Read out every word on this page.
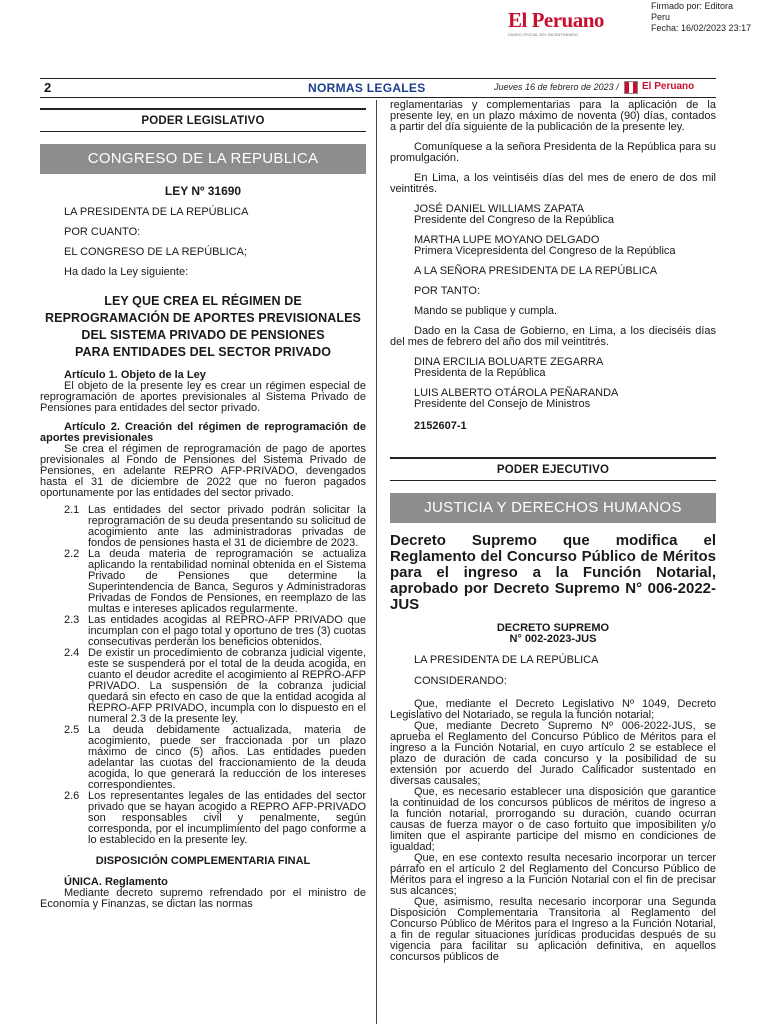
El Peruano
DIARIO OFICIAL DEL BICENTENARIO
Firmado por: Editora
Peru
Fecha: 16/02/2023 23:17
2	NORMAS LEGALES	Jueves 16 de febrero de 2023 / El Peruano
PODER LEGISLATIVO
CONGRESO DE LA REPUBLICA
LEY Nº 31690

LA PRESIDENTA DE LA REPÚBLICA

POR CUANTO:

EL CONGRESO DE LA REPÚBLICA;

Ha dado la Ley siguiente:

LEY QUE CREA EL RÉGIMEN DE
REPROGRAMACIÓN DE APORTES PREVISIONALES
DEL SISTEMA PRIVADO DE PENSIONES
PARA ENTIDADES DEL SECTOR PRIVADO

Artículo 1. Objeto de la Ley

El objeto de la presente ley es crear un régimen especial de reprogramación de aportes previsionales al Sistema Privado de Pensiones para entidades del sector privado.

Artículo 2. Creación del régimen de reprogramación de aportes previsionales

Se crea el régimen de reprogramación de pago de aportes previsionales al Fondo de Pensiones del Sistema Privado de Pensiones, en adelante REPRO AFP-PRIVADO, devengados hasta el 31 de diciembre de 2022 que no fueron pagados oportunamente por las entidades del sector privado.

2.1 Las entidades del sector privado podrán solicitar la reprogramación de su deuda presentando su solicitud de acogimiento ante las administradoras privadas de fondos de pensiones hasta el 31 de diciembre de 2023.
2.2 La deuda materia de reprogramación se actualiza aplicando la rentabilidad nominal obtenida en el Sistema Privado de Pensiones que determine la Superintendencia de Banca, Seguros y Administradoras Privadas de Fondos de Pensiones, en reemplazo de las multas e intereses aplicados regularmente.
2.3 Las entidades acogidas al REPRO-AFP PRIVADO que incumplan con el pago total y oportuno de tres (3) cuotas consecutivas perderán los beneficios obtenidos.
2.4 De existir un procedimiento de cobranza judicial vigente, este se suspenderá por el total de la deuda acogida, en cuanto el deudor acredite el acogimiento al REPRO-AFP PRIVADO. La suspensión de la cobranza judicial quedará sin efecto en caso de que la entidad acogida al REPRO-AFP PRIVADO, incumpla con lo dispuesto en el numeral 2.3 de la presente ley.
2.5 La deuda debidamente actualizada, materia de acogimiento, puede ser fraccionada por un plazo máximo de cinco (5) años. Las entidades pueden adelantar las cuotas del fraccionamiento de la deuda acogida, lo que generará la reducción de los intereses correspondientes.
2.6 Los representantes legales de las entidades del sector privado que se hayan acogido a REPRO AFP-PRIVADO son responsables civil y penalmente, según corresponda, por el incumplimiento del pago conforme a lo establecido en la presente ley.
DISPOSICIÓN COMPLEMENTARIA FINAL

ÚNICA. Reglamento

Mediante decreto supremo refrendado por el ministro de Economía y Finanzas, se dictan las normas

reglamentarias y complementarias para la aplicación de la presente ley, en un plazo máximo de noventa (90) días, contados a partir del día siguiente de la publicación de la presente ley.

Comuníquese a la señora Presidenta de la República para su promulgación.

En Lima, a los veintiséis días del mes de enero de dos mil veintitrés.

JOSÉ DANIEL WILLIAMS ZAPATA

Presidente del Congreso de la República

MARTHA LUPE MOYANO DELGADO

Primera Vicepresidenta del Congreso de la República

A LA SEÑORA PRESIDENTA DE LA REPÚBLICA

POR TANTO:

Mando se publique y cumpla.

Dado en la Casa de Gobierno, en Lima, a los dieciséis días del mes de febrero del año dos mil veintitrés.

DINA ERCILIA BOLUARTE ZEGARRA

Presidenta de la República

LUIS ALBERTO OTÁROLA PEÑARANDA

Presidente del Consejo de Ministros

2152607-1

PODER EJECUTIVO
JUSTICIA Y DERECHOS HUMANOS

Decreto Supremo que modifica el Reglamento del Concurso Público de Méritos para el ingreso a la Función Notarial, aprobado por Decreto Supremo N° 006-2022-JUS

DECRETO SUPREMO
N° 002-2023-JUS

LA PRESIDENTA DE LA REPÚBLICA

CONSIDERANDO:

Que, mediante el Decreto Legislativo Nº 1049, Decreto Legislativo del Notariado, se regula la función notarial;

Que, mediante Decreto Supremo Nº 006-2022-JUS, se aprueba el Reglamento del Concurso Público de Méritos para el ingreso a la Función Notarial, en cuyo artículo 2 se establece el plazo de duración de cada concurso y la posibilidad de su extensión por acuerdo del Jurado Calificador sustentado en diversas causales;

Que, es necesario establecer una disposición que garantice la continuidad de los concursos públicos de méritos de ingreso a la función notarial, prorrogando su duración, cuando ocurran causas de fuerza mayor o de caso fortuito que imposibiliten y/o limiten que el aspirante participe del mismo en condiciones de igualdad;

Que, en ese contexto resulta necesario incorporar un tercer párrafo en el artículo 2 del Reglamento del Concurso Público de Méritos para el ingreso a la Función Notarial con el fin de precisar sus alcances;

Que, asimismo, resulta necesario incorporar una Segunda Disposición Complementaria Transitoria al Reglamento del Concurso Público de Méritos para el Ingreso a la Función Notarial, a fin de regular situaciones jurídicas producidas después de su vigencia para facilitar su aplicación definitiva, en aquellos concursos públicos de
